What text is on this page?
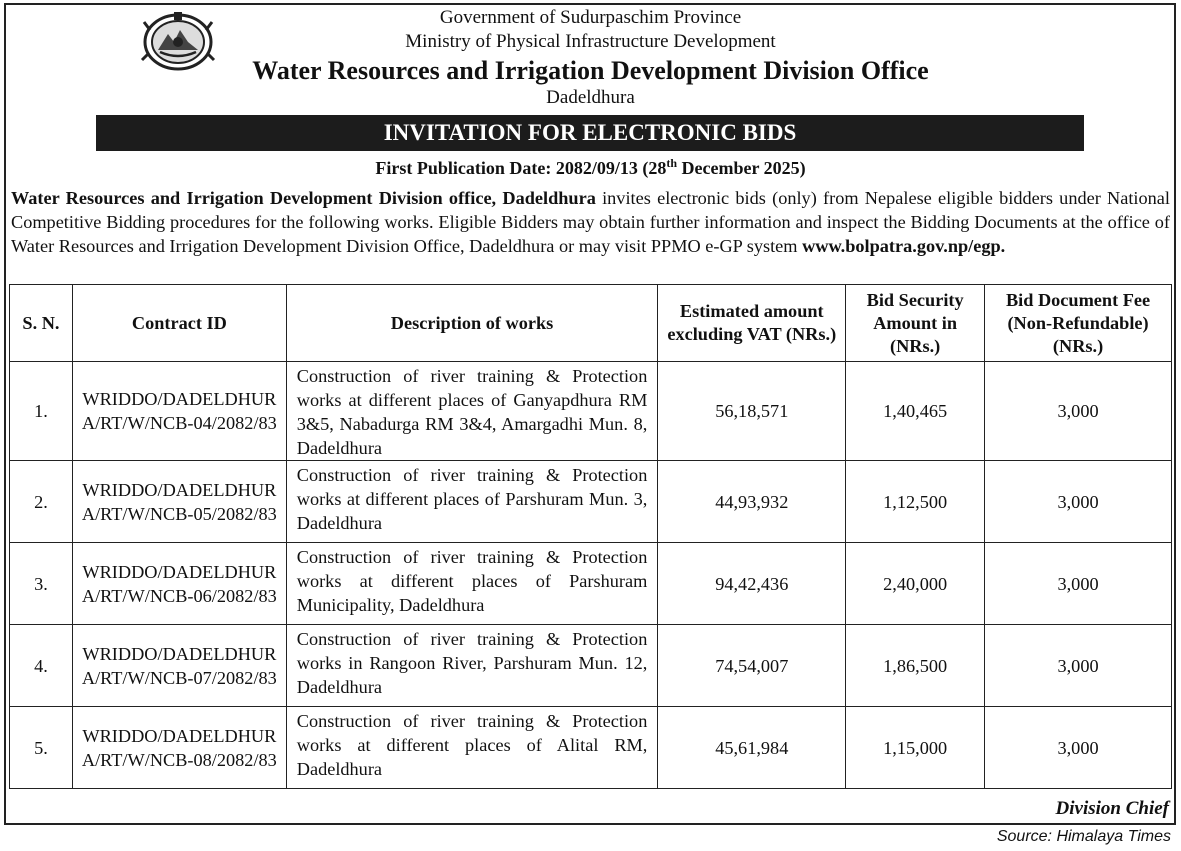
Government of Sudurpaschim Province
Ministry of Physical Infrastructure Development
Water Resources and Irrigation Development Division Office
Dadeldhura
INVITATION FOR ELECTRONIC BIDS
First Publication Date: 2082/09/13 (28th December 2025)
Water Resources and Irrigation Development Division office, Dadeldhura invites electronic bids (only) from Nepalese eligible bidders under National Competitive Bidding procedures for the following works. Eligible Bidders may obtain further information and inspect the Bidding Documents at the office of Water Resources and Irrigation Development Division Office, Dadeldhura or may visit PPMO e-GP system www.bolpatra.gov.np/egp.
S. N.	Contract ID	Description of works	Estimated amount excluding VAT (NRs.)	Bid Security Amount in (NRs.)	Bid Document Fee (Non-Refundable) (NRs.)
1.	WRIDDO/DADELDHURA/RT/W/NCB-04/2082/83	Construction of river training & Protection works at different places of Ganyapdhura RM 3&5, Nabadurga RM 3&4, Amargadhi Mun. 8, Dadeldhura	56,18,571	1,40,465	3,000
2.	WRIDDO/DADELDHURA/RT/W/NCB-05/2082/83	Construction of river training & Protection works at different places of Parshuram Mun. 3, Dadeldhura	44,93,932	1,12,500	3,000
3.	WRIDDO/DADELDHURA/RT/W/NCB-06/2082/83	Construction of river training & Protection works at different places of Parshuram Municipality, Dadeldhura	94,42,436	2,40,000	3,000
4.	WRIDDO/DADELDHURA/RT/W/NCB-07/2082/83	Construction of river training & Protection works in Rangoon River, Parshuram Mun. 12, Dadeldhura	74,54,007	1,86,500	3,000
5.	WRIDDO/DADELDHURA/RT/W/NCB-08/2082/83	Construction of river training & Protection works at different places of Alital RM, Dadeldhura	45,61,984	1,15,000	3,000
Division Chief
Source: Himalaya Times
